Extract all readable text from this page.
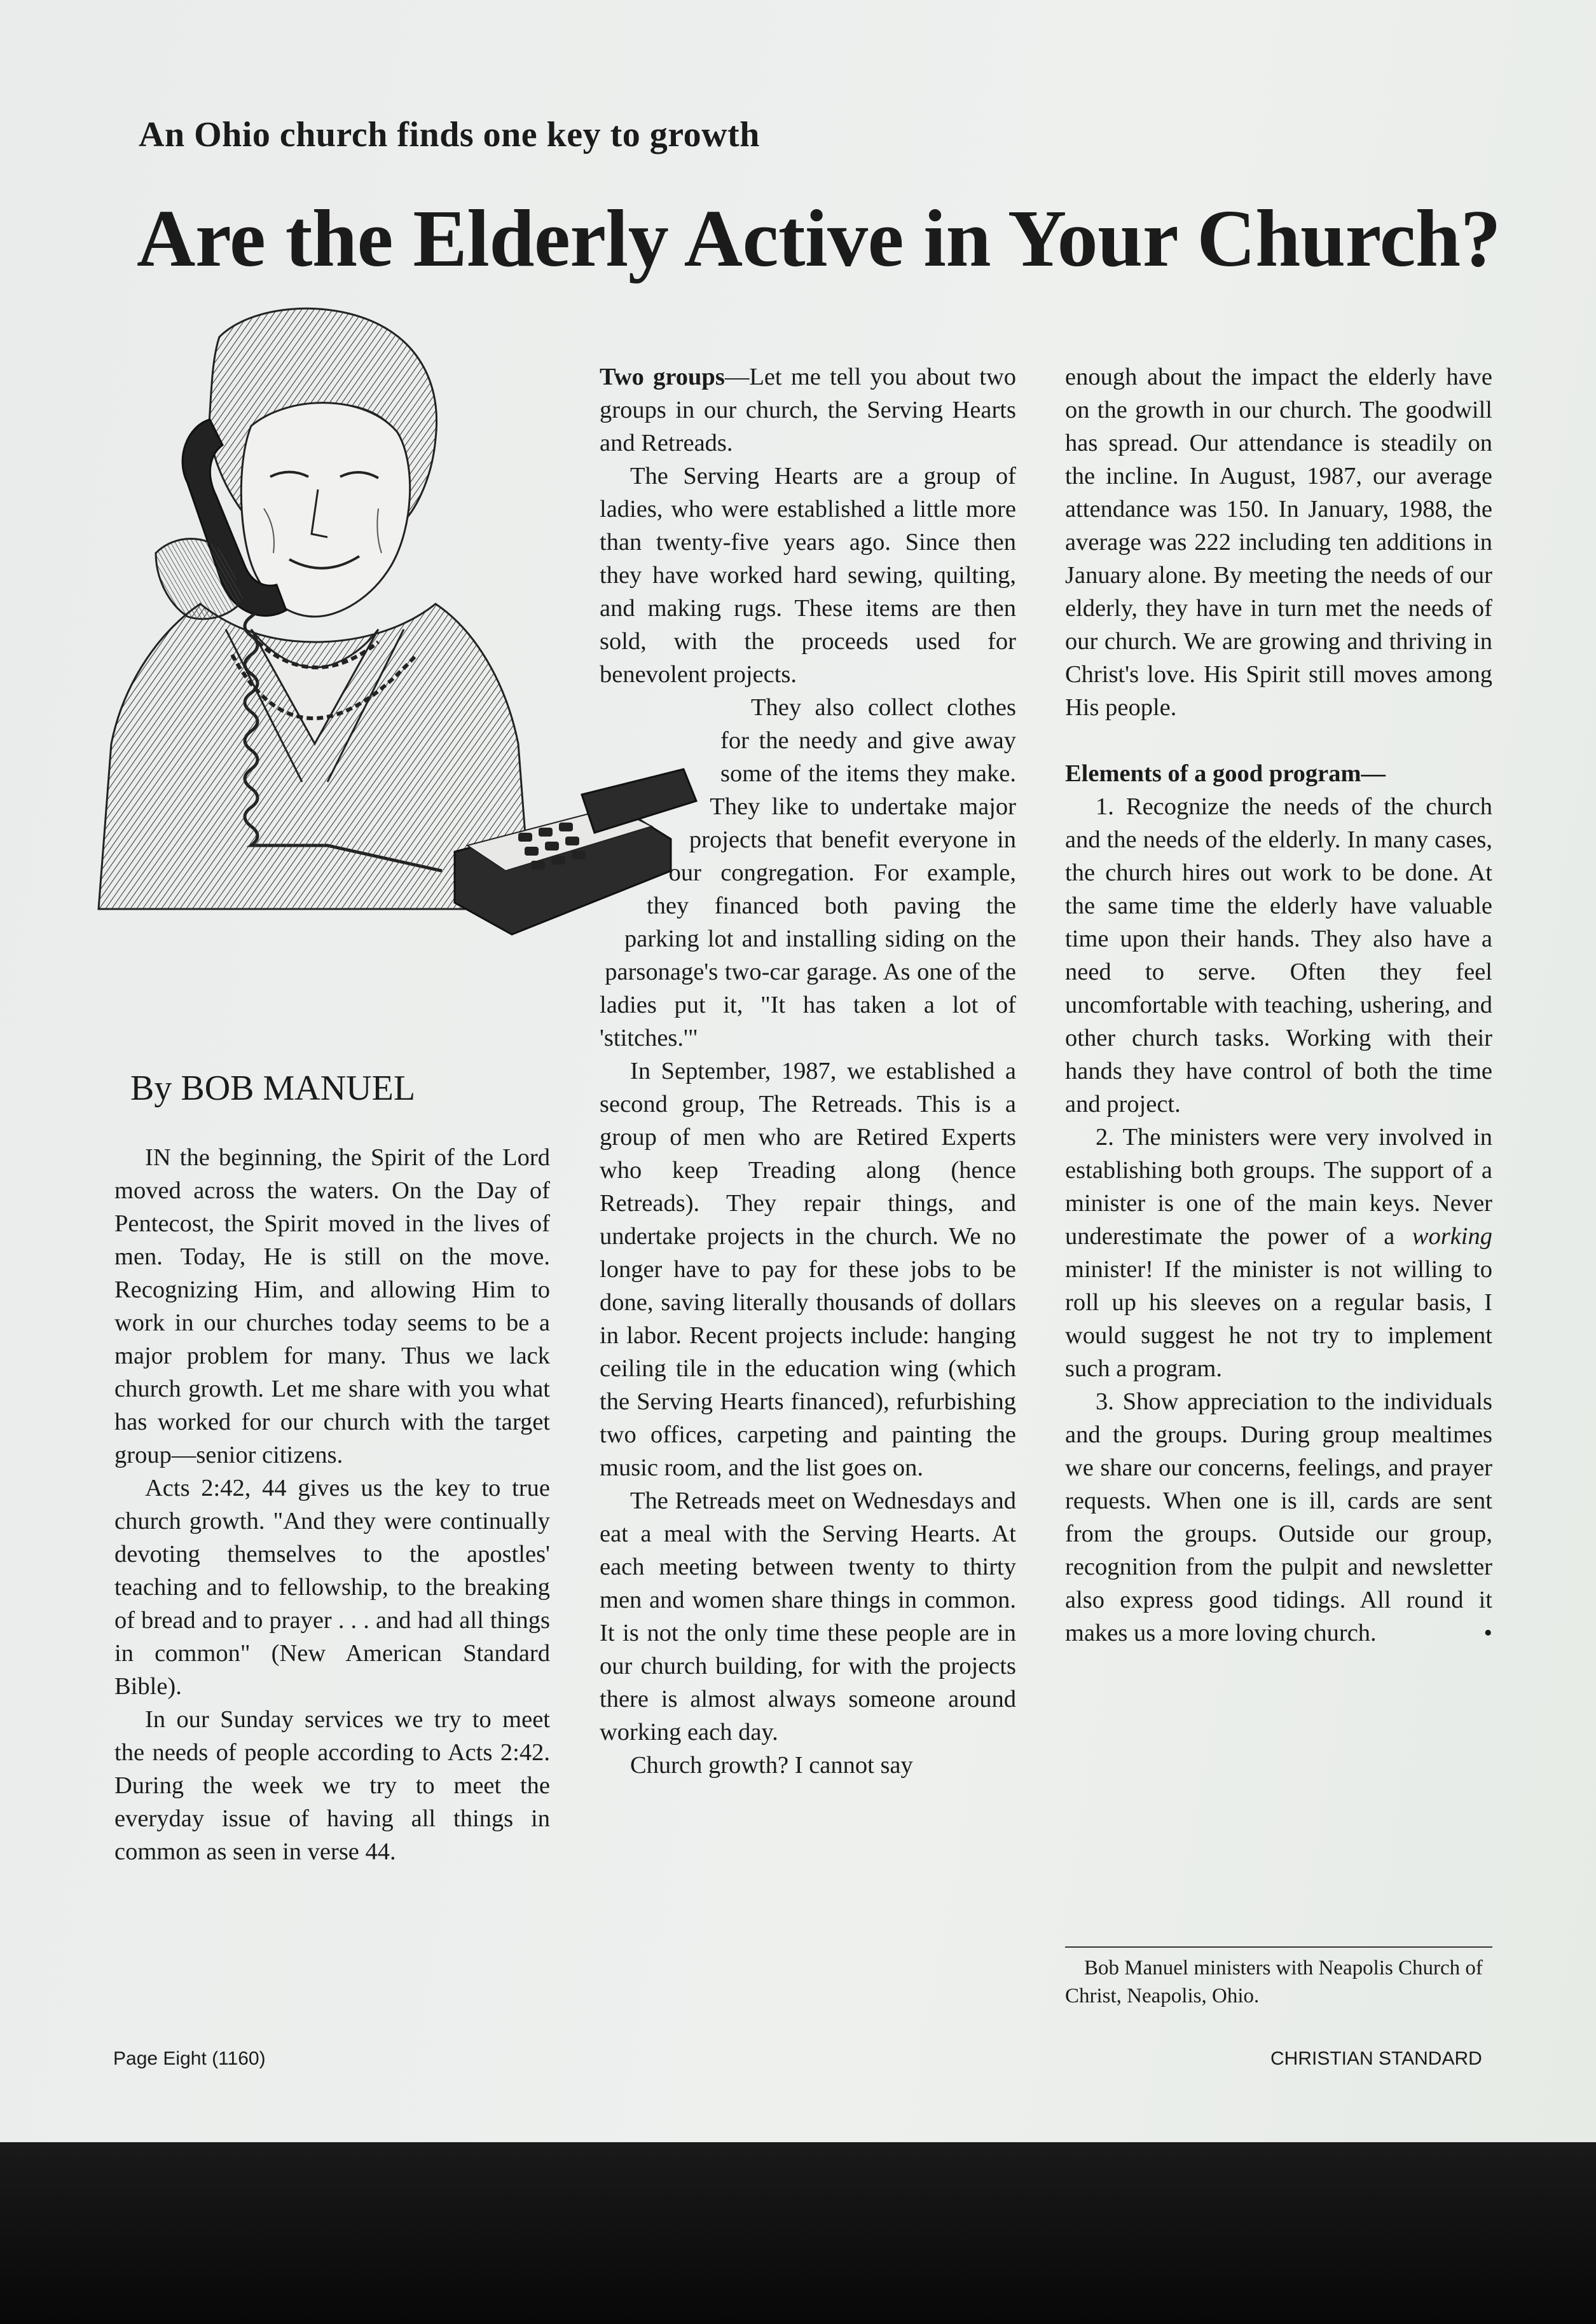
An Ohio church finds one key to growth
Are the Elderly Active in Your Church?
By BOB MANUEL

IN the beginning, the Spirit of the Lord moved across the waters. On the Day of Pentecost, the Spirit moved in the lives of men. Today, He is still on the move. Recognizing Him, and allowing Him to work in our churches today seems to be a major problem for many. Thus we lack church growth. Let me share with you what has worked for our church with the target group—senior citizens.

Acts 2:42, 44 gives us the key to true church growth. "And they were continually devoting themselves to the apostles' teaching and to fellowship, to the breaking of bread and to prayer . . . and had all things in common" (New American Standard Bible).

In our Sunday services we try to meet the needs of people according to Acts 2:42. During the week we try to meet the everyday issue of having all things in common as seen in verse 44.

Two groups—Let me tell you about two groups in our church, the Serving Hearts and Retreads.

The Serving Hearts are a group of ladies, who were established a little more than twenty-five years ago. Since then they have worked hard sewing, quilting, and making rugs. These items are then sold, with the proceeds used for benevolent projects.

They also collect clothes for the needy and give away some of the items they make. They like to undertake major projects that benefit everyone in our congregation. For example, they financed both paving the parking lot and installing siding on the parsonage's two-car garage. As one of the ladies put it, "It has taken a lot of 'stitches.'"

In September, 1987, we established a second group, The Retreads. This is a group of men who are Retired Experts who keep Treading along (hence Retreads). They repair things, and undertake projects in the church. We no longer have to pay for these jobs to be done, saving literally thousands of dollars in labor. Recent projects include: hanging ceiling tile in the education wing (which the Serving Hearts financed), refurbishing two offices, carpeting and painting the music room, and the list goes on.

The Retreads meet on Wednesdays and eat a meal with the Serving Hearts. At each meeting between twenty to thirty men and women share things in common. It is not the only time these people are in our church building, for with the projects there is almost always someone around working each day.

Church growth? I cannot say

enough about the impact the elderly have on the growth in our church. The goodwill has spread. Our attendance is steadily on the incline. In August, 1987, our average attendance was 150. In January, 1988, the average was 222 including ten additions in January alone. By meeting the needs of our elderly, they have in turn met the needs of our church. We are growing and thriving in Christ's love. His Spirit still moves among His people.

Elements of a good program—

1. Recognize the needs of the church and the needs of the elderly. In many cases, the church hires out work to be done. At the same time the elderly have valuable time upon their hands. They also have a need to serve. Often they feel uncomfortable with teaching, ushering, and other church tasks. Working with their hands they have control of both the time and project.

2. The ministers were very involved in establishing both groups. The support of a minister is one of the main keys. Never underestimate the power of a working minister! If the minister is not willing to roll up his sleeves on a regular basis, I would suggest he not try to implement such a program.

3. Show appreciation to the individuals and the groups. During group mealtimes we share our concerns, feelings, and prayer requests. When one is ill, cards are sent from the groups. Outside our group, recognition from the pulpit and newsletter also express good tidings. All round it makes us a more loving church.	•

Bob Manuel ministers with Neapolis Church of Christ, Neapolis, Ohio.
Page Eight (1160)	CHRISTIAN STANDARD
